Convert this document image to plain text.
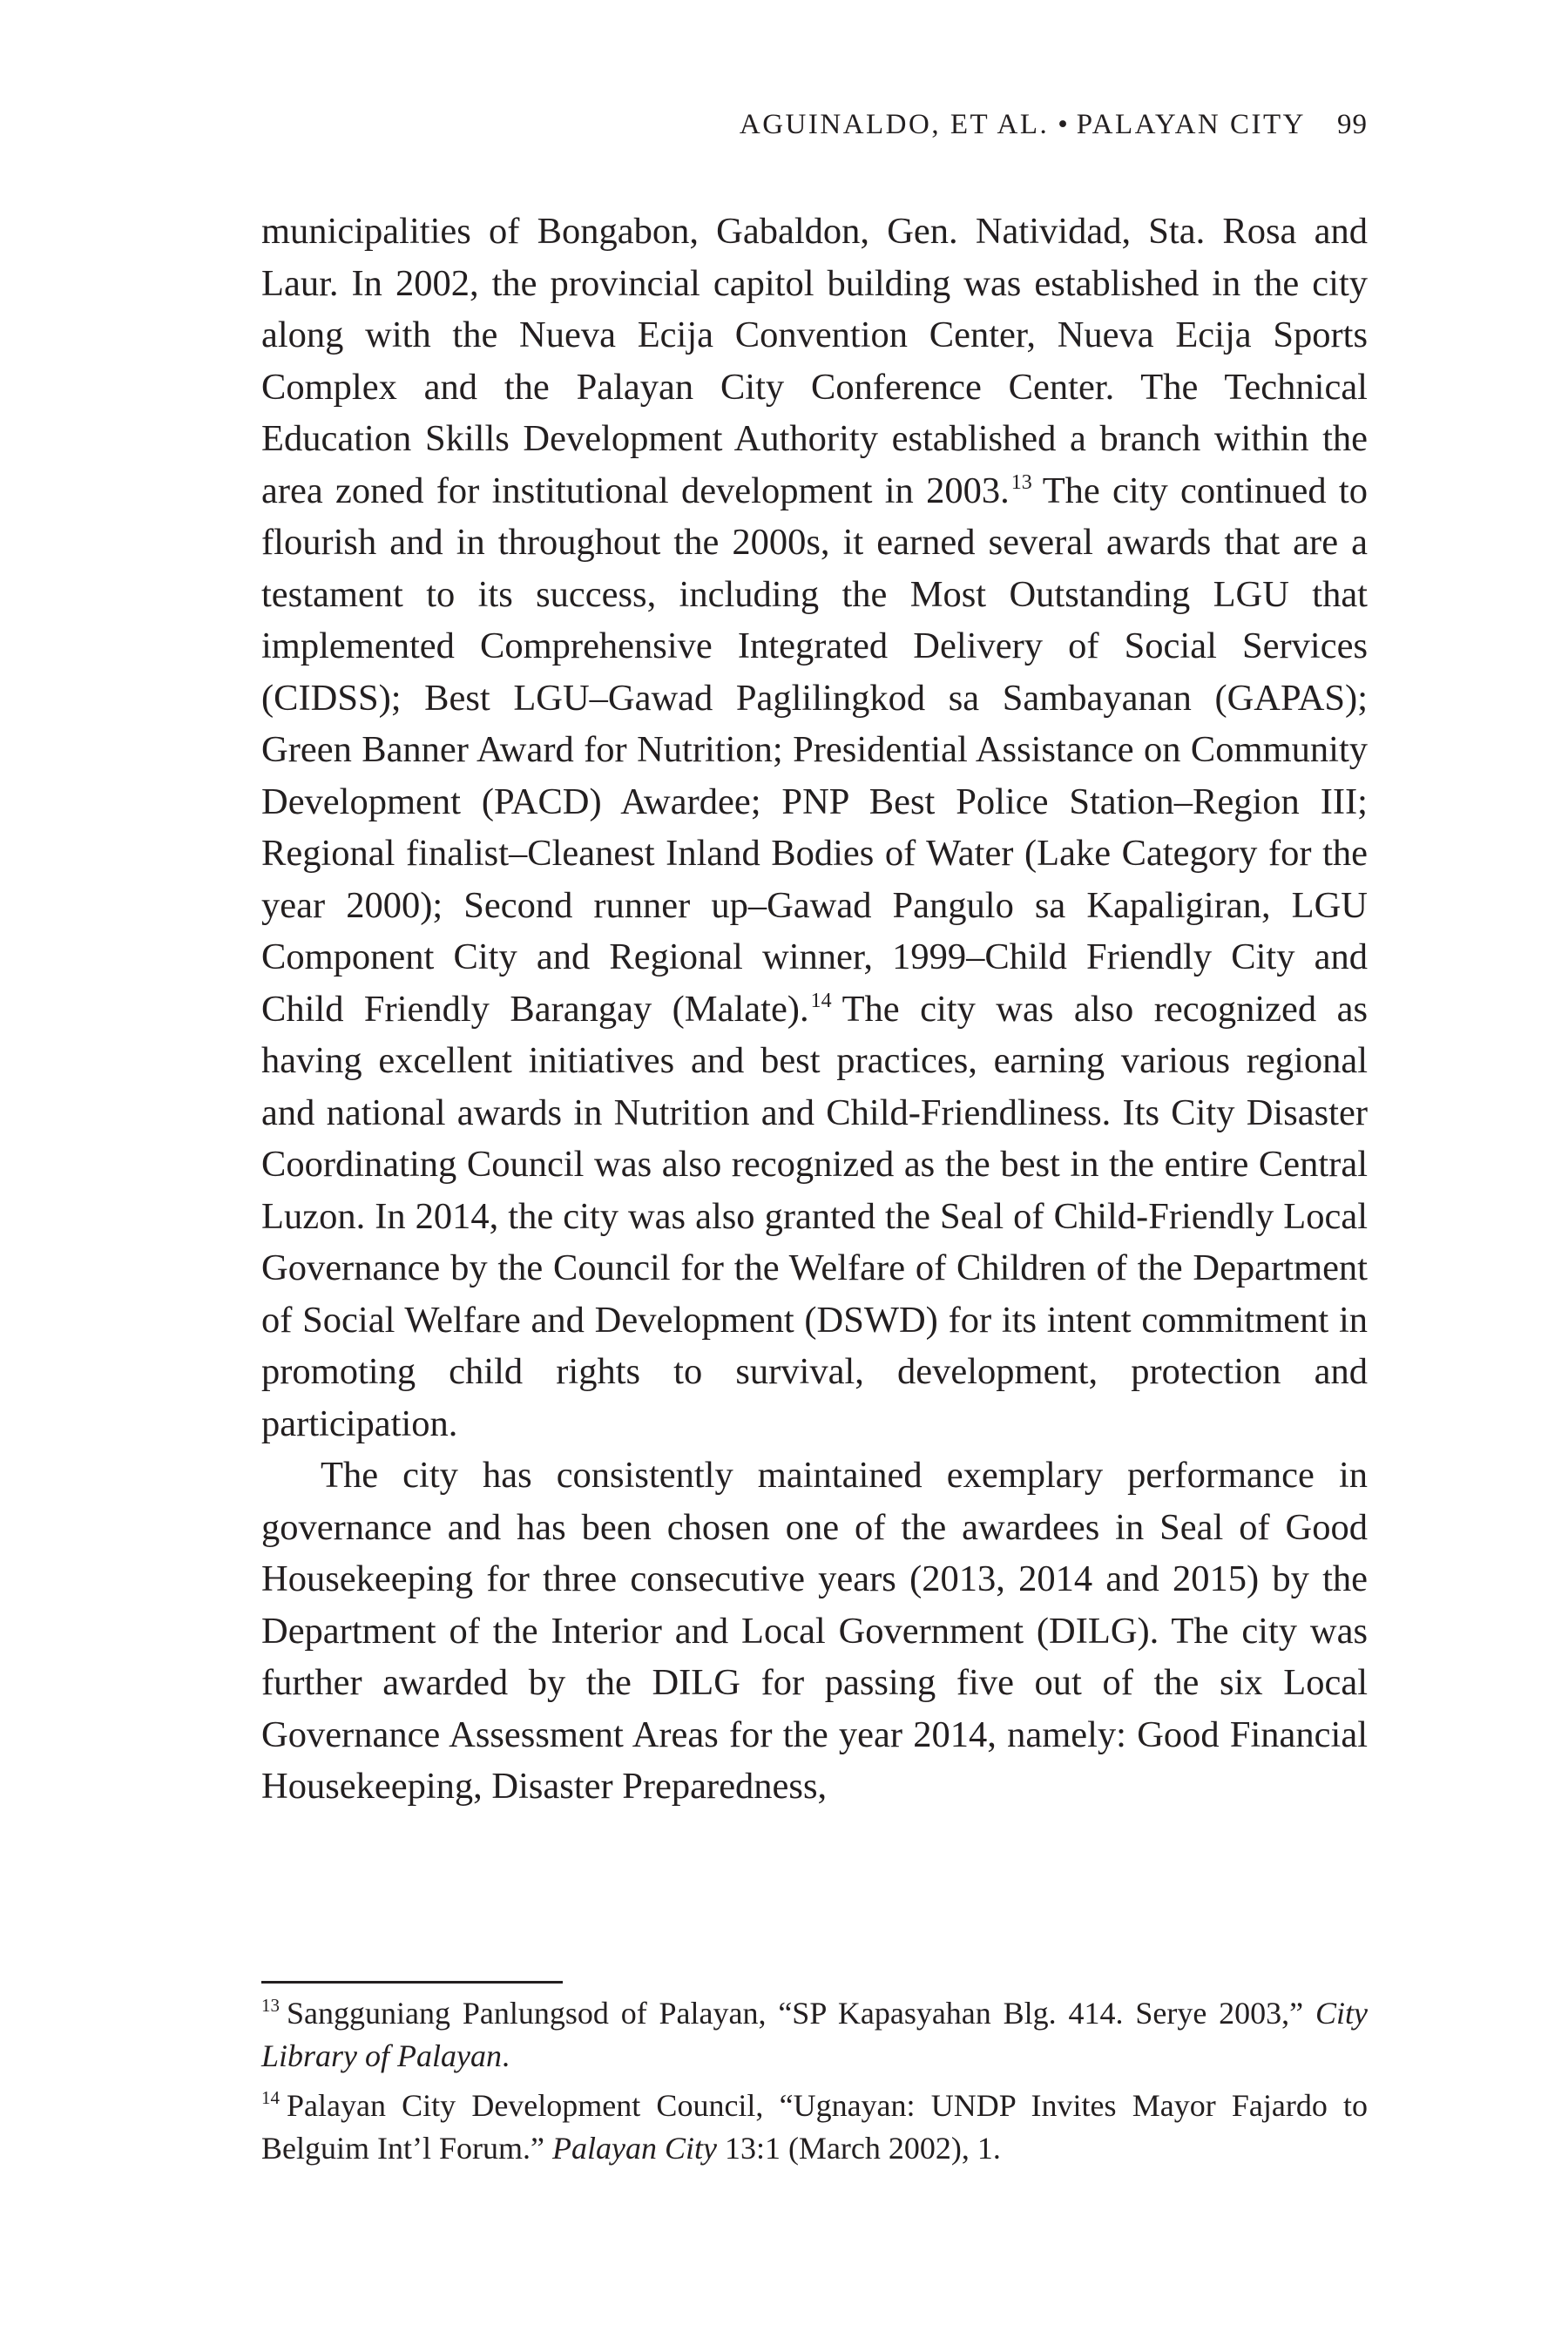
AGUINALDO, ET AL. • PALAYAN CITY 99

municipalities of Bongabon, Gabaldon, Gen. Natividad, Sta. Rosa and Laur. In 2002, the provincial capitol building was established in the city along with the Nueva Ecija Convention Center, Nueva Ecija Sports Complex and the Palayan City Conference Center. The Technical Education Skills Development Authority established a branch within the area zoned for institutional development in 2003.13 The city continued to flourish and in throughout the 2000s, it earned several awards that are a testament to its success, including the Most Outstanding LGU that implemented Comprehensive Integrated Delivery of Social Services (CIDSS); Best LGU–Gawad Paglilingkod sa Sambayanan (GAPAS); Green Banner Award for Nutrition; Presidential Assistance on Community Development (PACD) Awardee; PNP Best Police Station–Region III; Regional finalist–Cleanest Inland Bodies of Water (Lake Category for the year 2000); Second runner up–Gawad Pangulo sa Kapaligiran, LGU Component City and Regional winner, 1999–Child Friendly City and Child Friendly Barangay (Malate).$^{14}$ The city was also recognized as having excellent initiatives and best practices, earning various regional and national awards in Nutrition and Child-Friendliness. Its City Disaster Coordinating Council was also recognized as the best in the entire Central Luzon. In 2014, the city was also granted the Seal of Child-Friendly Local Governance by the Council for the Welfare of Children of the Department of Social Welfare and Development (DSWD) for its intent commitment in promoting child rights to survival, development, protection and participation.

The city has consistently maintained exemplary performance in governance and has been chosen one of the awardees in Seal of Good Housekeeping for three consecutive years (2013, 2014 and 2015) by the Department of the Interior and Local Government (DILG). The city was further awarded by the DILG for passing five out of the six Local Governance Assessment Areas for the year 2014, namely: Good Financial Housekeeping, Disaster Preparedness,

$^{13}$ Sangguniang Panlungsod of Palayan, “SP Kapasyahan Blg. 414. Serye 2003,” City Library of Palayan.

$^{14}$ Palayan City Development Council, “Ugnayan: UNDP Invites Mayor Fajardo to Belguim Int’l Forum.” Palayan City 13:1 (March 2002), 1.
